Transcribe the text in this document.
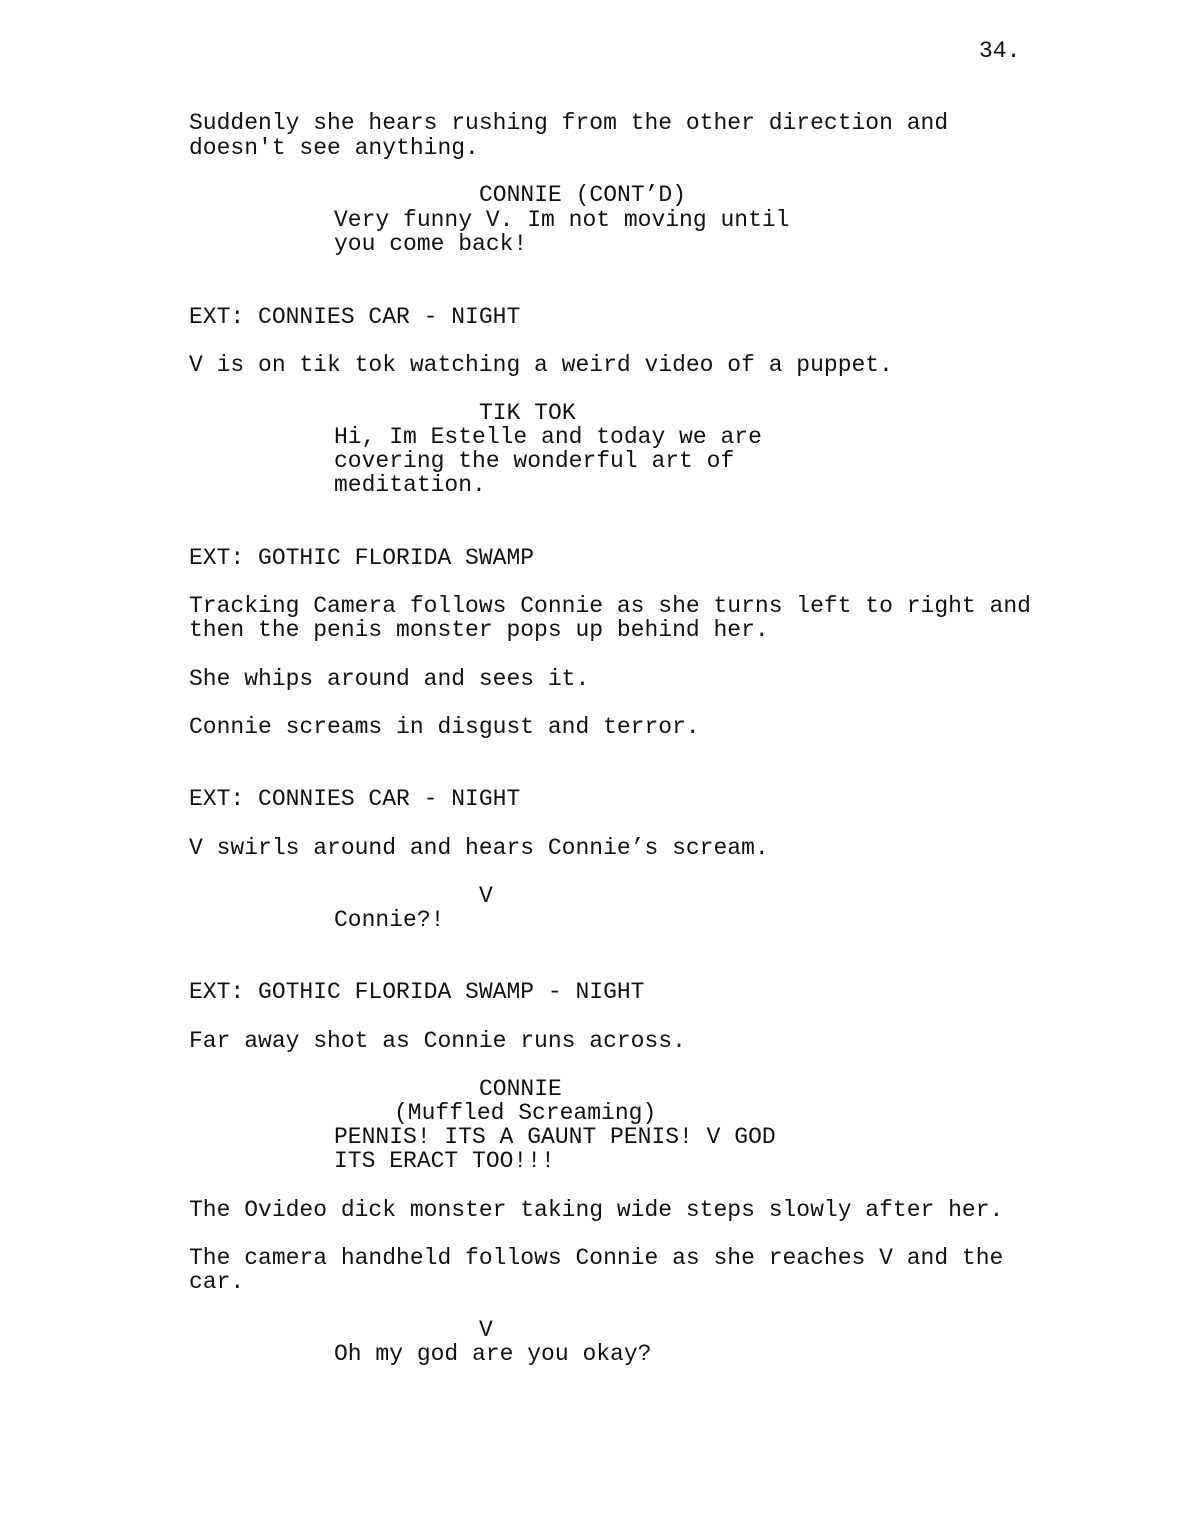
34.
Suddenly she hears rushing from the other direction and
doesn't see anything.
CONNIE (CONT’D)
Very funny V. Im not moving until
you come back!
EXT: CONNIES CAR - NIGHT
V is on tik tok watching a weird video of a puppet.
TIK TOK
Hi, Im Estelle and today we are
covering the wonderful art of
meditation.
EXT: GOTHIC FLORIDA SWAMP
Tracking Camera follows Connie as she turns left to right and
then the penis monster pops up behind her.
She whips around and sees it.
Connie screams in disgust and terror.
EXT: CONNIES CAR - NIGHT
V swirls around and hears Connie’s scream.
V
Connie?!
EXT: GOTHIC FLORIDA SWAMP - NIGHT
Far away shot as Connie runs across.
CONNIE
(Muffled Screaming)
PENNIS! ITS A GAUNT PENIS! V GOD
ITS ERACT TOO!!!
The Ovideo dick monster taking wide steps slowly after her.
The camera handheld follows Connie as she reaches V and the
car.
V
Oh my god are you okay?
